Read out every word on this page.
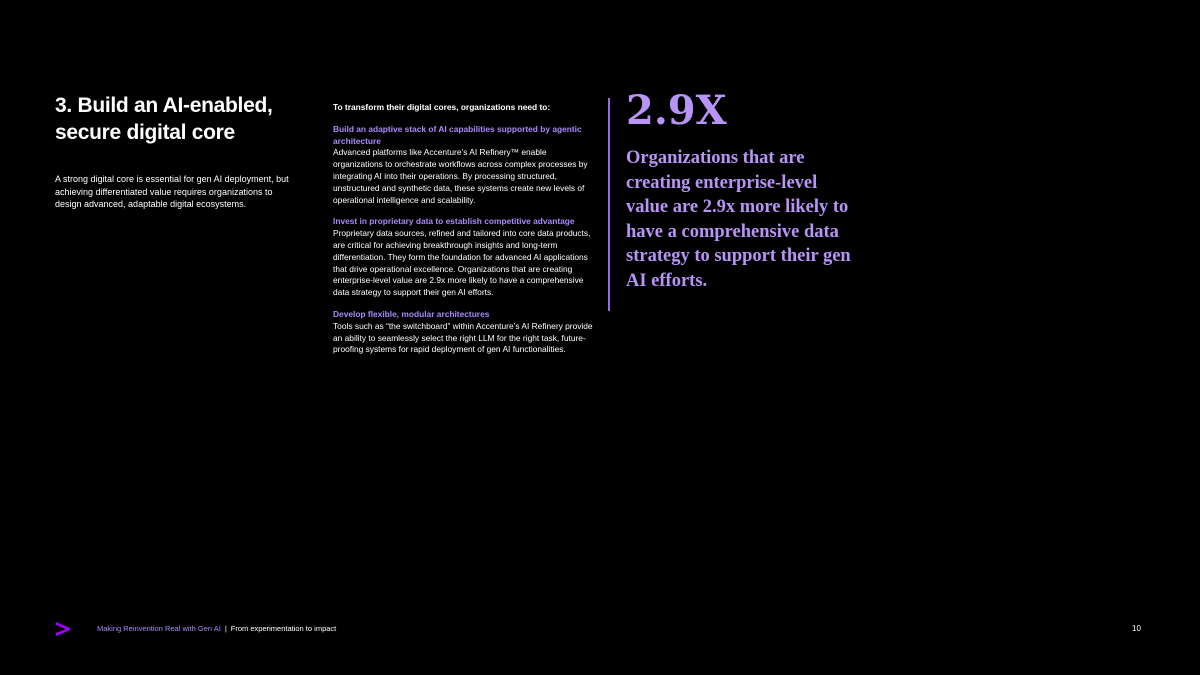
3. Build an AI-enabled, secure digital core

A strong digital core is essential for gen AI deployment, but achieving differentiated value requires organizations to design advanced, adaptable digital ecosystems.

To transform their digital cores, organizations need to:

Build an adaptive stack of AI capabilities supported by agentic architecture

Advanced platforms like Accenture’s AI Refinery™ enable organizations to orchestrate workflows across complex processes by integrating AI into their operations. By processing structured, unstructured and synthetic data, these systems create new levels of operational intelligence and scalability.

Invest in proprietary data to establish competitive advantage

Proprietary data sources, refined and tailored into core data products, are critical for achieving breakthrough insights and long-term differentiation. They form the foundation for advanced AI applications that drive operational excellence. Organizations that are creating enterprise-level value are 2.9x more likely to have a comprehensive data strategy to support their gen AI efforts.

Develop flexible, modular architectures

Tools such as “the switchboard” within Accenture’s AI Refinery provide an ability to seamlessly select the right LLM for the right task, future-proofing systems for rapid deployment of gen AI functionalities.

2.9X

Organizations that are creating enterprise-level value are 2.9x more likely to have a comprehensive data strategy to support their gen AI efforts.

Making Reinvention Real with Gen AI | From experimentation to impact	10
